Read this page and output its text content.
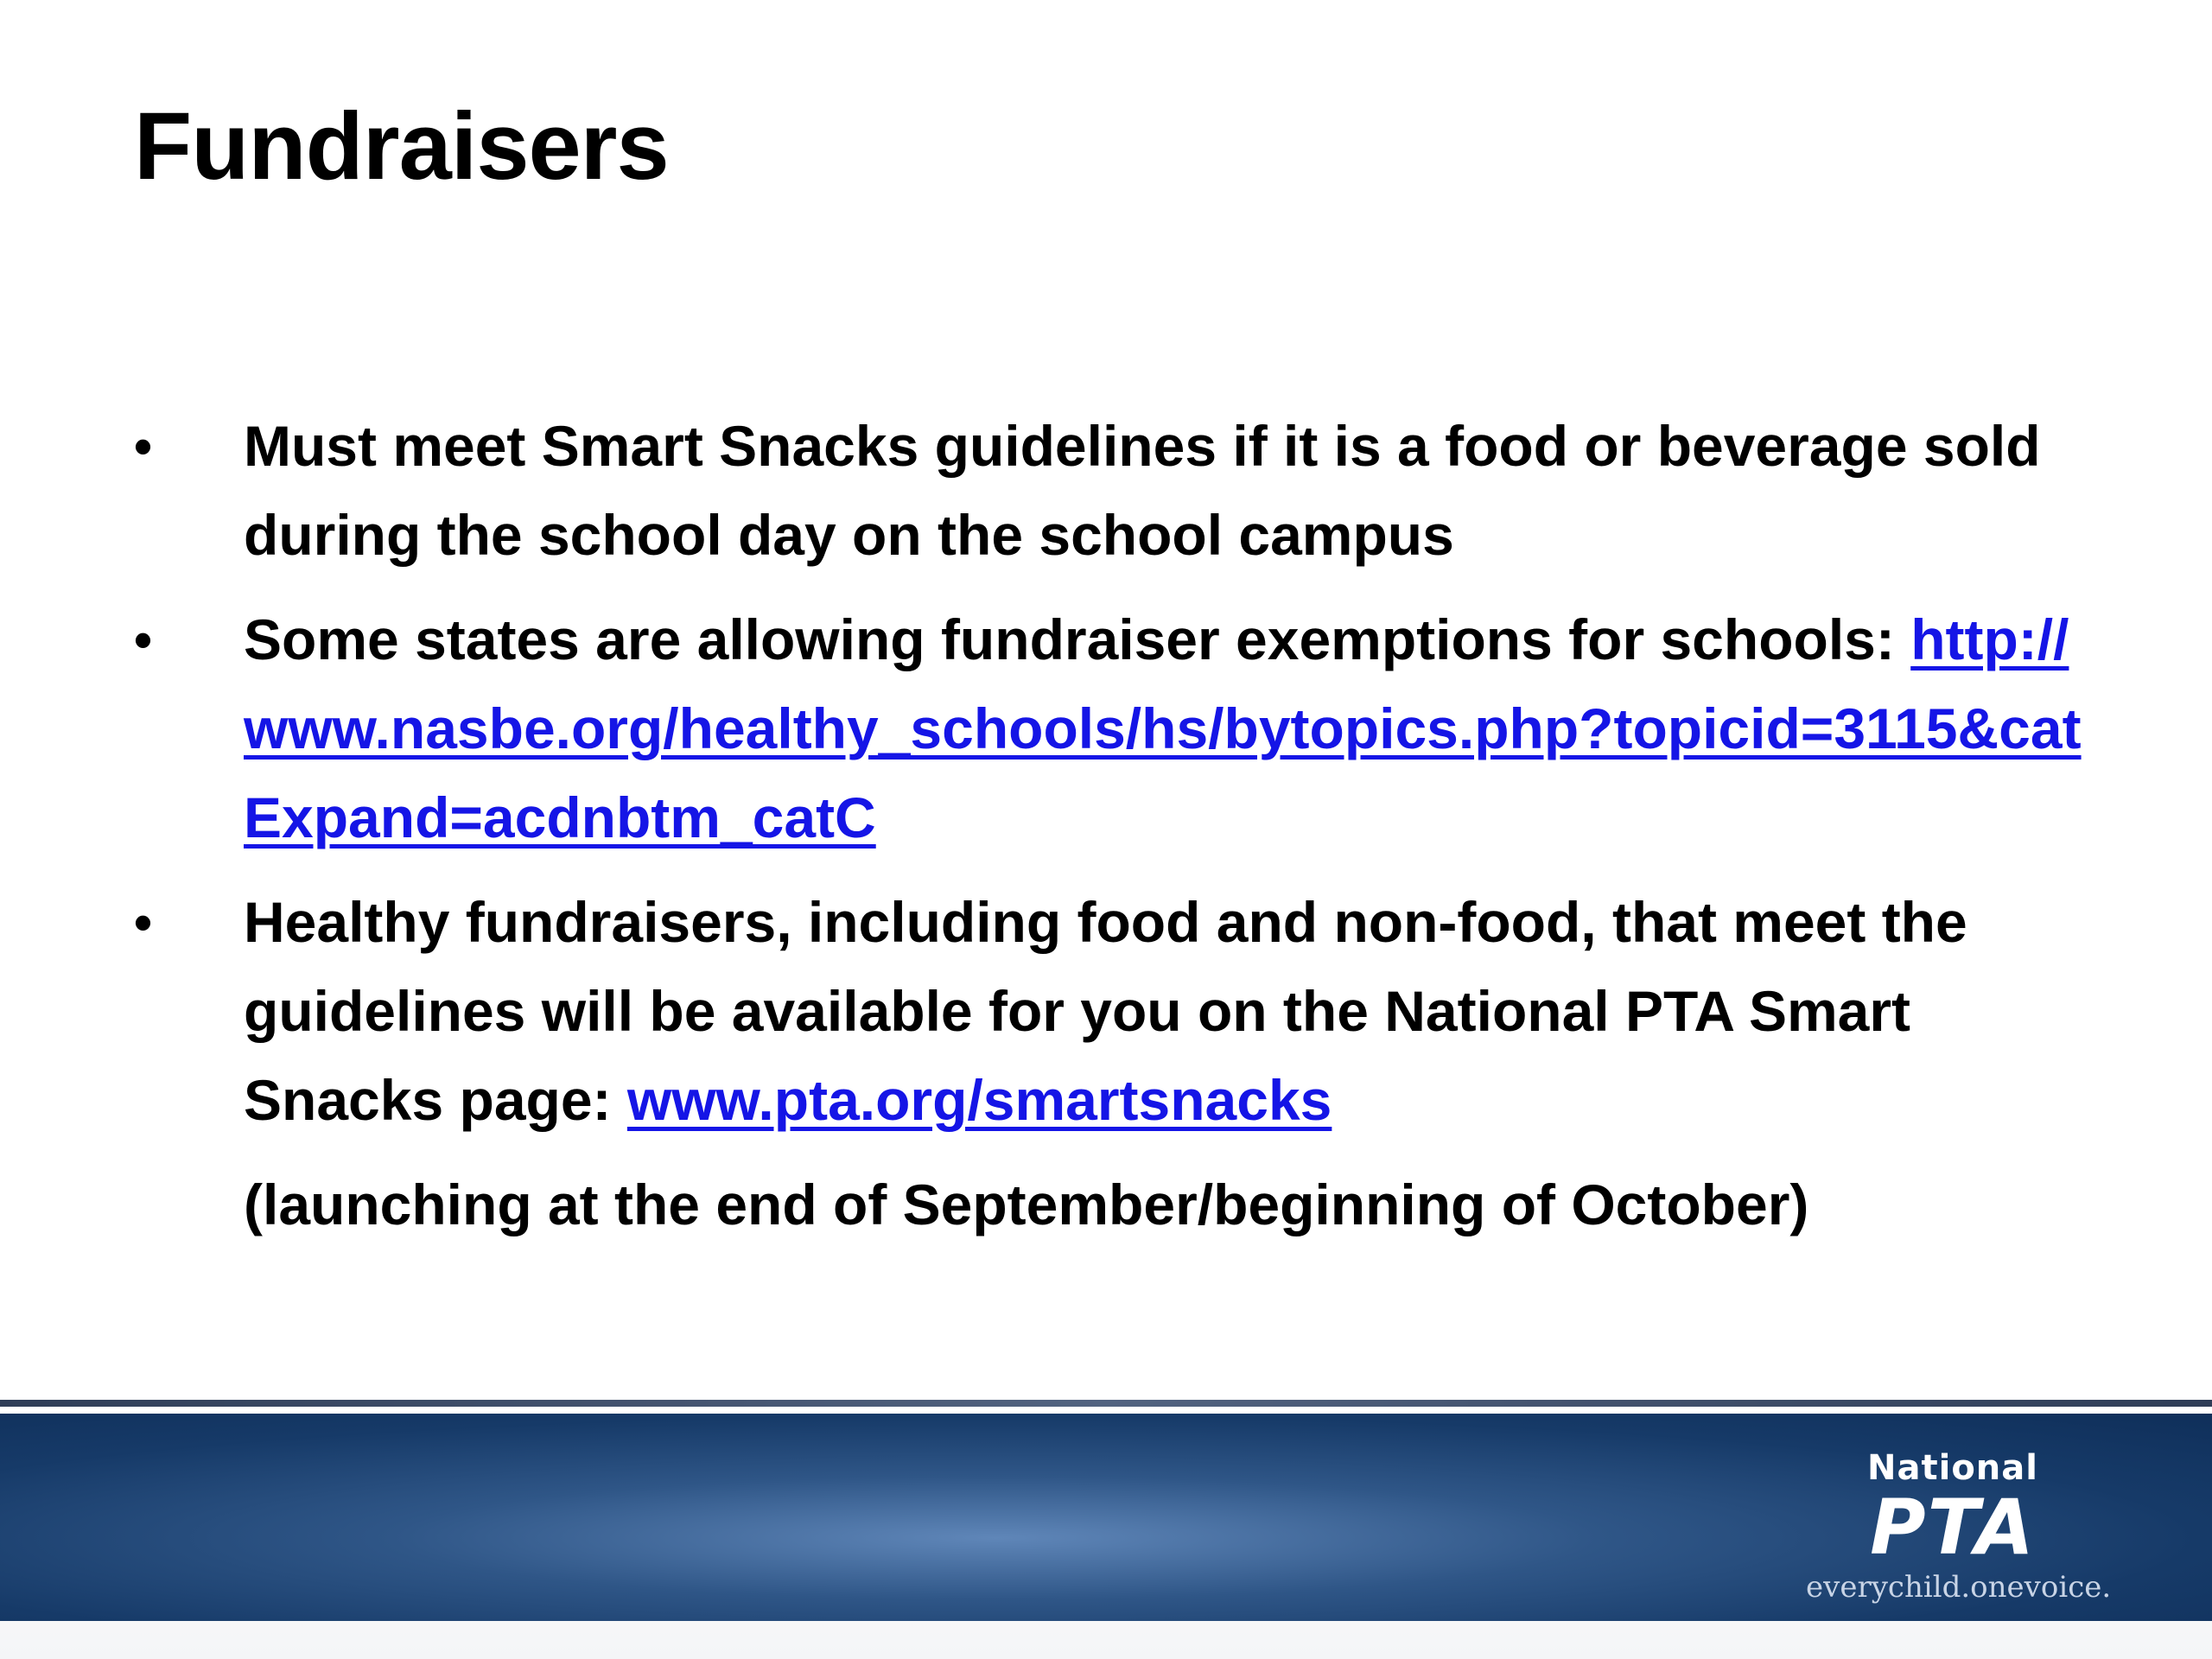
Fundraisers
• Must meet Smart Snacks guidelines if it is a food or beverage sold during the school day on the school campus
• Some states are allowing fundraiser exemptions for schools: http://www.nasbe.org/healthy_schools/hs/bytopics.php?topicid=3115&catExpand=acdnbtm_catC
• Healthy fundraisers, including food and non-food, that meet the guidelines will be available for you on the National PTA Smart Snacks page: www.pta.org/smartsnacks
(launching at the end of September/beginning of October)
National
PTA
everychild.onevoice.
